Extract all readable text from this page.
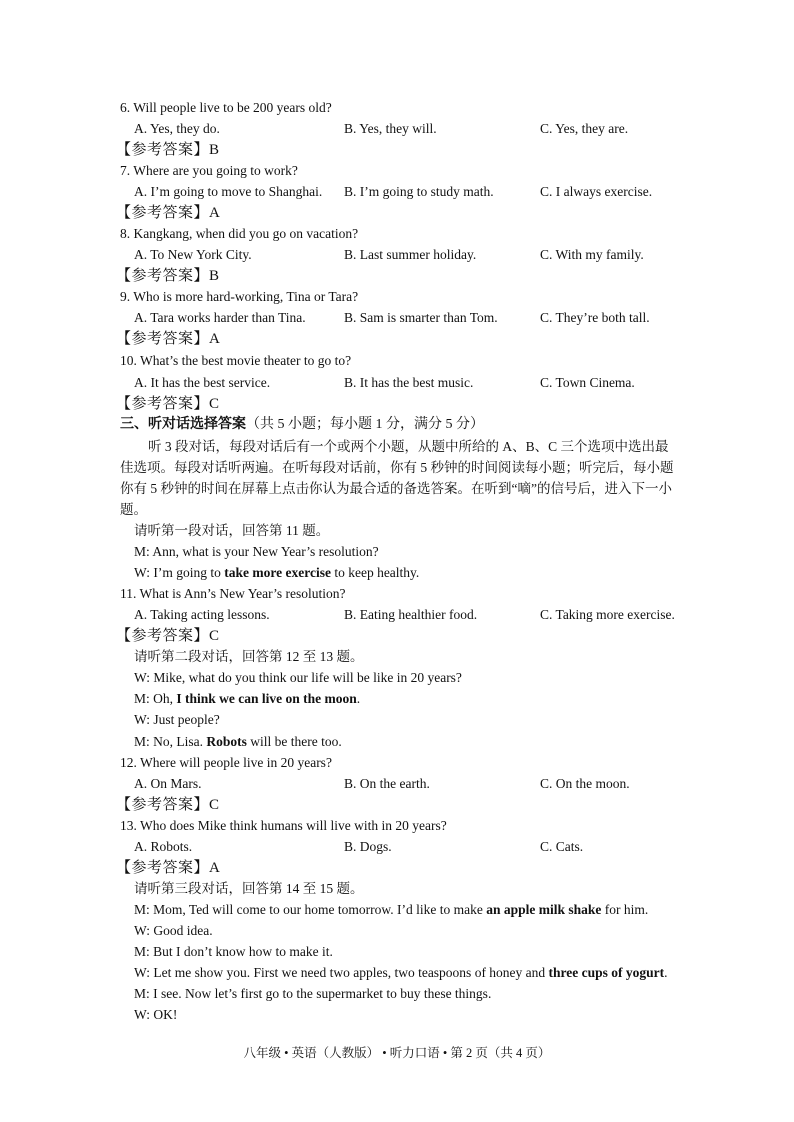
6. Will people live to be 200 years old?
A. Yes, they do.	B. Yes, they will.	C. Yes, they are.
【参考答案】B
7. Where are you going to work?
A. I’m going to move to Shanghai. B. I’m going to study math.	C. I always exercise.
【参考答案】A
8. Kangkang, when did you go on vacation?
A. To New York City.	B. Last summer holiday.	C. With my family.
【参考答案】B
9. Who is more hard-working, Tina or Tara?
A. Tara works harder than Tina.	B. Sam is smarter than Tom.	C. They’re both tall.
【参考答案】A
10. What’s the best movie theater to go to?
A. It has the best service.	B. It has the best music.	C. Town Cinema.
【参考答案】C
三、听对话选择答案（共 5 小题；每小题 1 分，满分 5 分）
听 3 段对话，每段对话后有一个或两个小题，从题中所给的 A、B、C 三个选项中选出最佳选项。每段对话听两遍。在听每段对话前，你有 5 秒钟的时间阅读每小题；听完后，每小题你有 5 秒钟的时间在屏幕上点击你认为最合适的备选答案。在听到“嘀”的信号后，进入下一小题。
请听第一段对话，回答第 11 题。
M: Ann, what is your New Year’s resolution?
W: I’m going to take more exercise to keep healthy.
11. What is Ann’s New Year’s resolution?
A. Taking acting lessons.	B. Eating healthier food.	C. Taking more exercise.
【参考答案】C
请听第二段对话，回答第 12 至 13 题。
W: Mike, what do you think our life will be like in 20 years?
M: Oh, I think we can live on the moon.
W: Just people?
M: No, Lisa. Robots will be there too.
12. Where will people live in 20 years?
A. On Mars.	B. On the earth.	C. On the moon.
【参考答案】C
13. Who does Mike think humans will live with in 20 years?
A. Robots.	B. Dogs.	C. Cats.
【参考答案】A
请听第三段对话，回答第 14 至 15 题。
M: Mom, Ted will come to our home tomorrow. I’d like to make an apple milk shake for him.
W: Good idea.
M: But I don’t know how to make it.
W: Let me show you. First we need two apples, two teaspoons of honey and three cups of yogurt.
M: I see. Now let’s first go to the supermarket to buy these things.
W: OK!
八年级 • 英语（人教版） • 听力口语 • 第 2 页（共 4 页）
